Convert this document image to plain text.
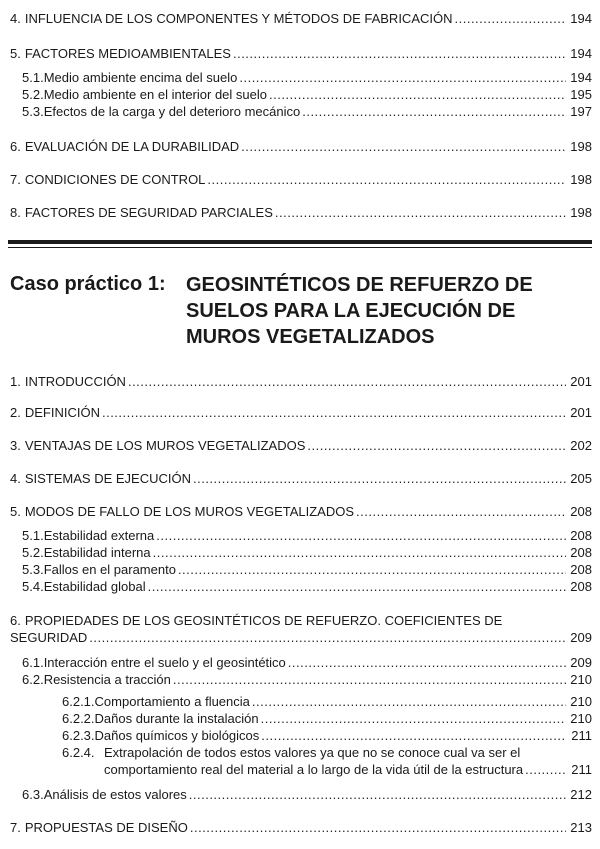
4. INFLUENCIA DE LOS COMPONENTES Y MÉTODOS DE FABRICACIÓN .....	194
5. FACTORES MEDIOAMBIENTALES .....	194
5.1. Medio ambiente encima del suelo .....	194
5.2. Medio ambiente en el interior del suelo .....	195
5.3. Efectos de la carga y del deterioro mecánico .....	197
6. EVALUACIÓN DE LA DURABILIDAD .....	198
7. CONDICIONES DE CONTROL .....	198
8. FACTORES DE SEGURIDAD PARCIALES .....	198
Caso práctico 1: GEOSINTÉTICOS DE REFUERZO DE
SUELOS PARA LA EJECUCIÓN DE
MUROS VEGETALIZADOS
1. INTRODUCCIÓN .....	201
2. DEFINICIÓN .....	201
3. VENTAJAS DE LOS MUROS VEGETALIZADOS .....	202
4. SISTEMAS DE EJECUCIÓN .....	205
5. MODOS DE FALLO DE LOS MUROS VEGETALIZADOS .....	208
5.1. Estabilidad externa .....	208
5.2. Estabilidad interna .....	208
5.3. Fallos en el paramento .....	208
5.4. Estabilidad global .....	208
6. PROPIEDADES DE LOS GEOSINTÉTICOS DE REFUERZO. COEFICIENTES DE
SEGURIDAD .....	209
6.1. Interacción entre el suelo y el geosintético .....	209
6.2. Resistencia a tracción .....	210
6.2.1. Comportamiento a fluencia .....	210
6.2.2. Daños durante la instalación .....	210
6.2.3. Daños químicos y biológicos .....	211
6.2.4. Extrapolación de todos estos valores ya que no se conoce cual va ser el
comportamiento real del material a lo largo de la vida útil de la estructura .....	211
6.3. Análisis de estos valores .....	212
7. PROPUESTAS DE DISEÑO .....	213
